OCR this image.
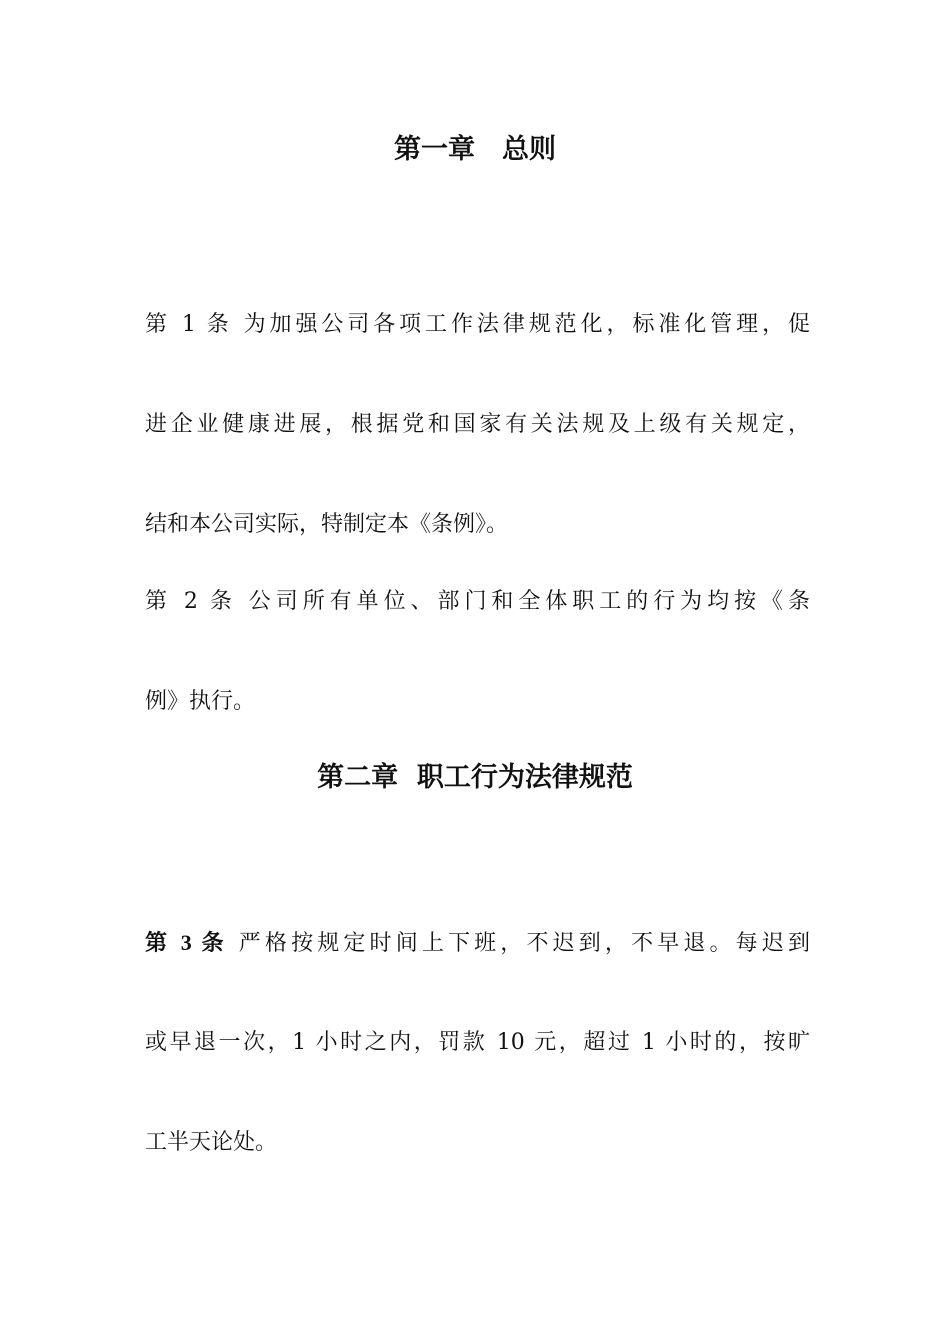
第一章　总则

第 1 条 为加强公司各项工作法律规范化，标准化管理，促

进企业健康进展，根据党和国家有关法规及上级有关规定，

结和本公司实际，特制定本《条例》。

第 2 条 公司所有单位、部门和全体职工的行为均按《条

例》执行。

第二章  职工行为法律规范

第 3 条 严格按规定时间上下班，不迟到，不早退。每迟到

或早退一次，1 小时之内，罚款 10 元，超过 1 小时的，按旷

工半天论处。
